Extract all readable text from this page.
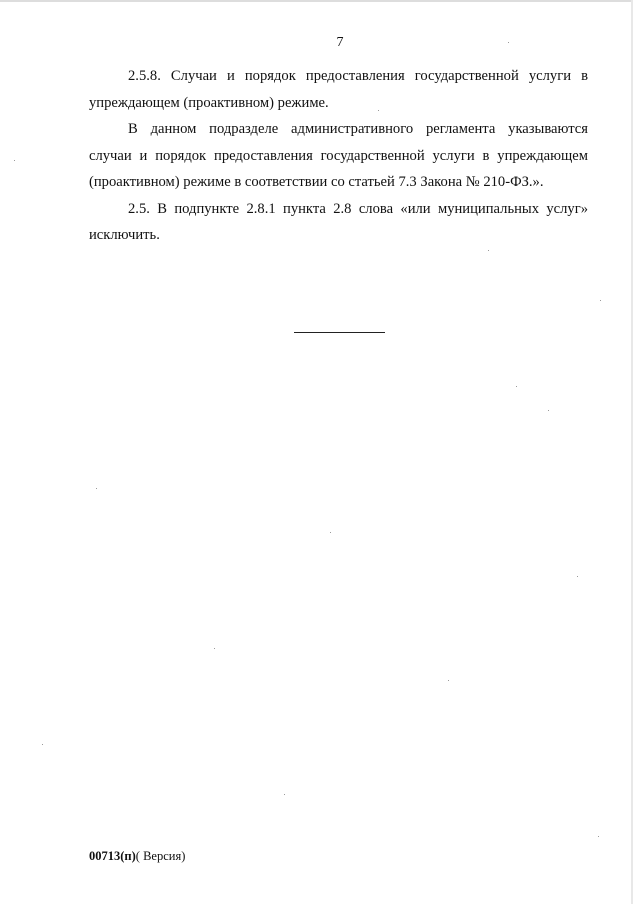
7

2.5.8. Случаи и порядок предоставления государственной услуги в упреждающем (проактивном) режиме.

В данном подразделе административного регламента указываются случаи и порядок предоставления государственной услуги в упреждающем (проактивном) режиме в соответствии со статьей 7.3 Закона № 210-ФЗ.».

2.5. В подпункте 2.8.1 пункта 2.8 слова «или муниципальных услуг» исключить.

00713(п)( Версия)
